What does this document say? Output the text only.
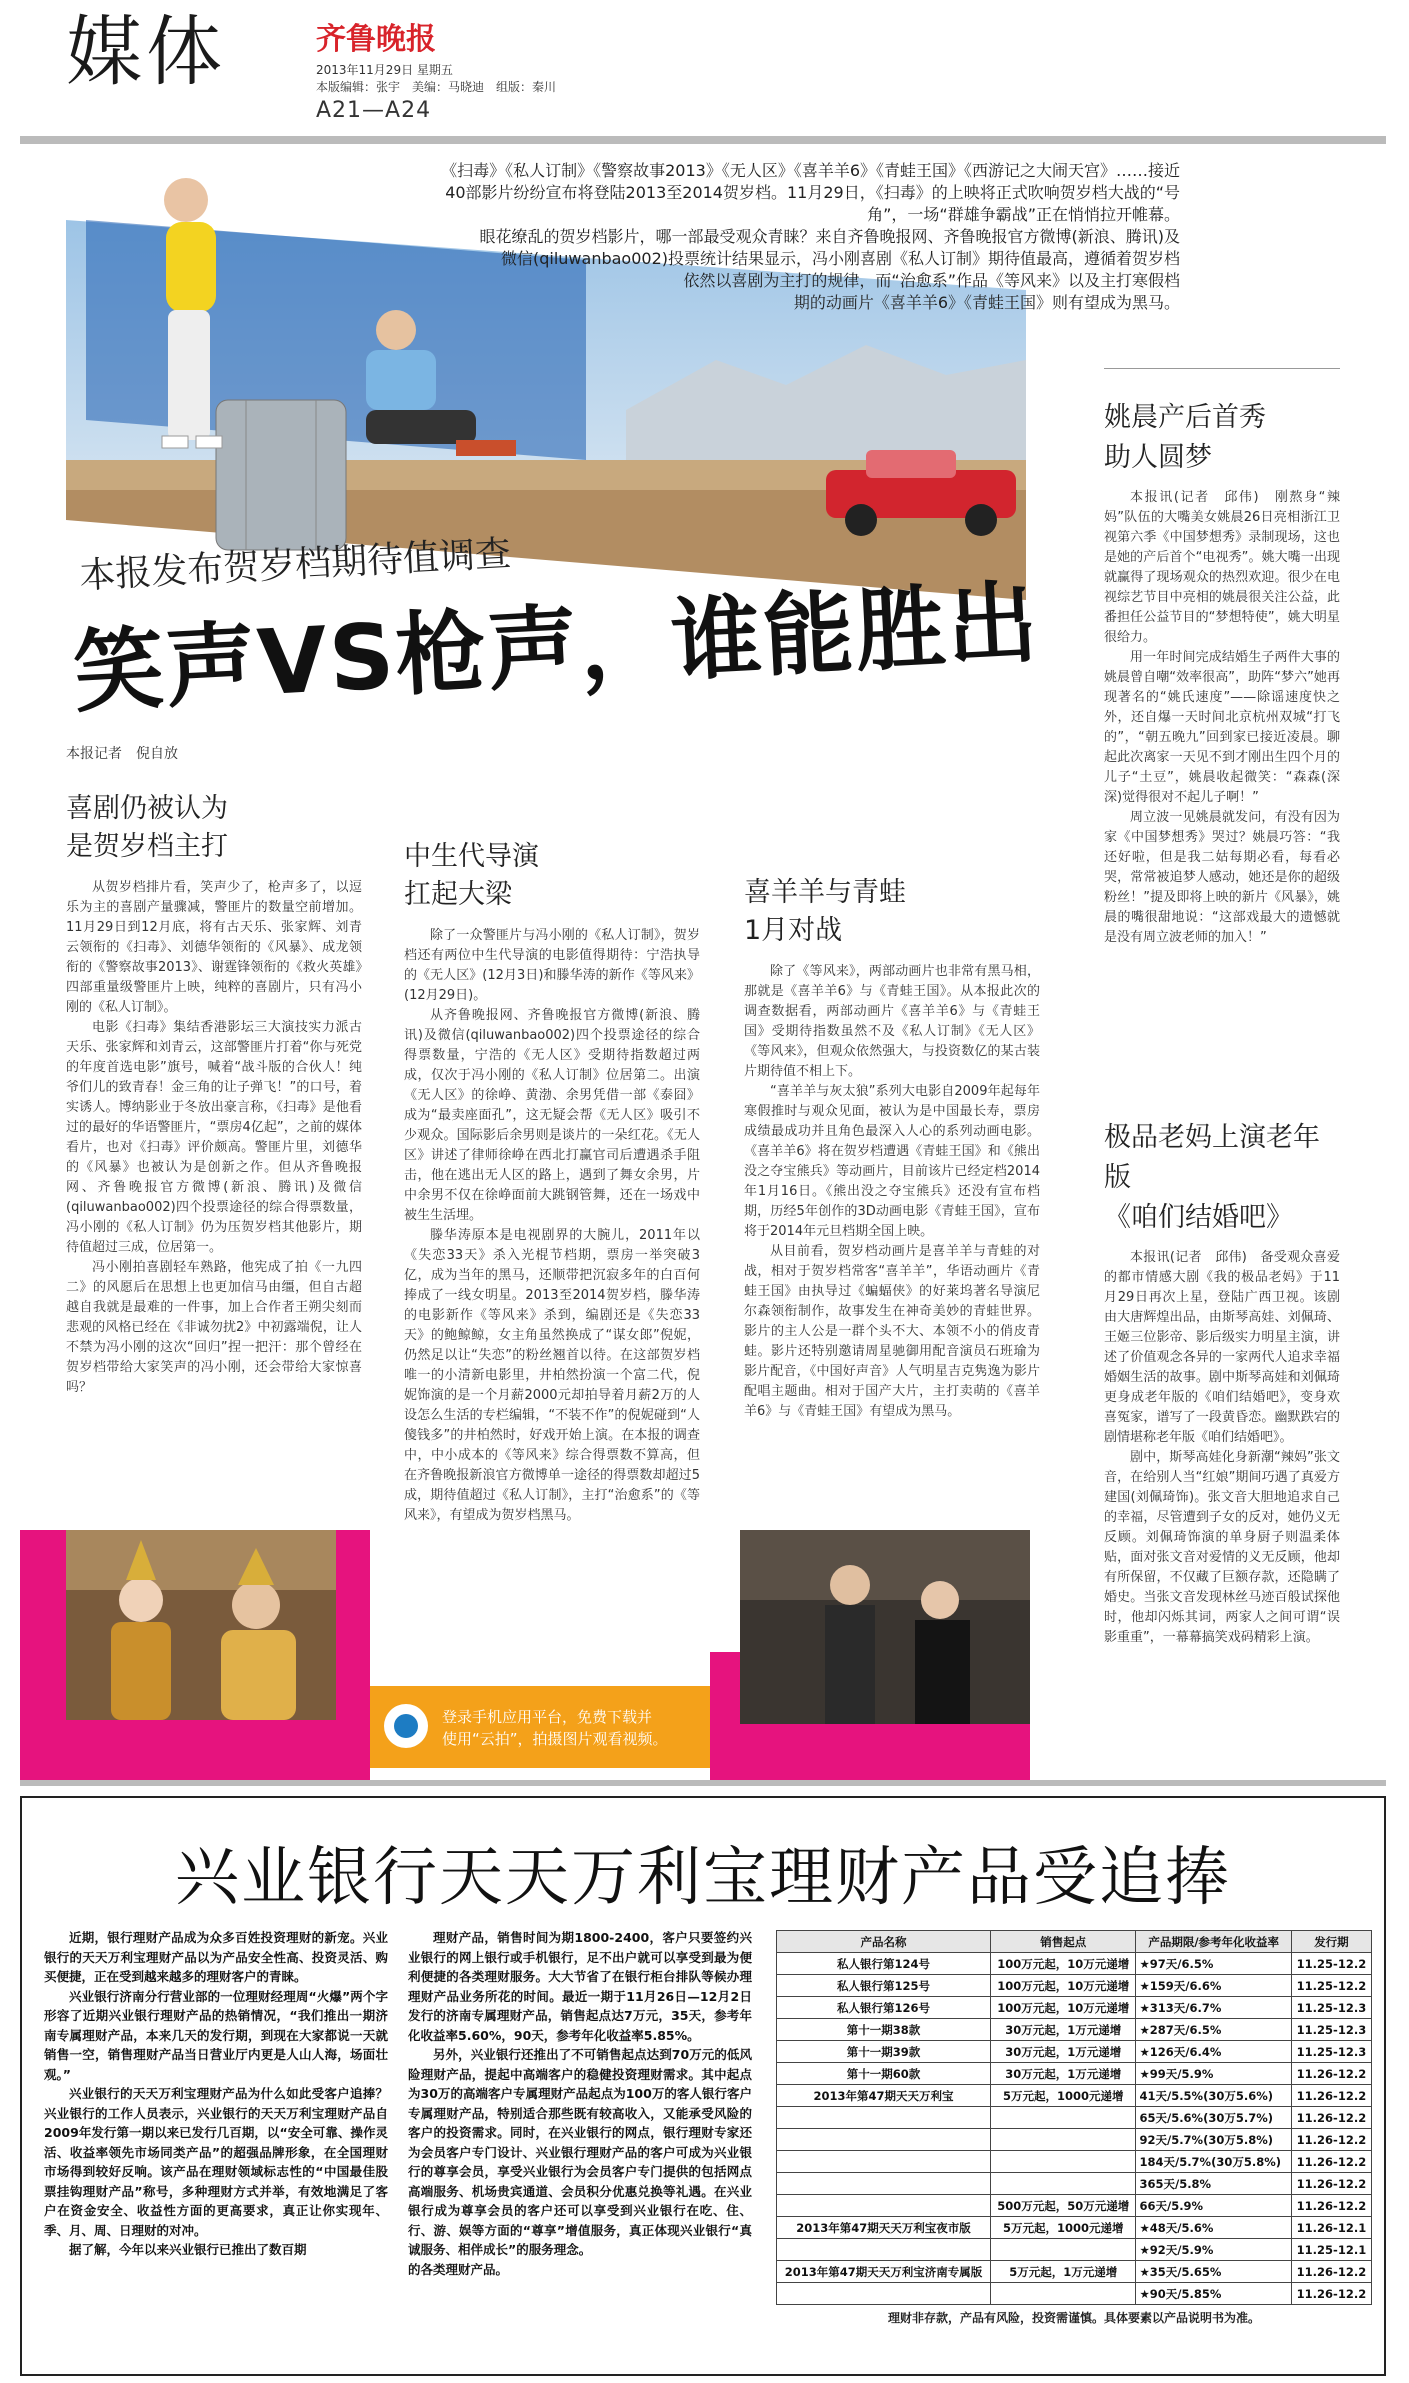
媒体	齐鲁晚报
2013年11月29日 星期五
本版编辑：张宇　美编：马晓迪　组版：秦川
A21—A24
《扫毒》《私人订制》《警察故事2013》《无人区》《喜羊羊6》《青蛙王国》《西游记之大闹天宫》……接近
40部影片纷纷宣布将登陆2013至2014贺岁档。11月29日，《扫毒》的上映将正式吹响贺岁档大战的“号
角”，一场“群雄争霸战”正在悄悄拉开帷幕。
眼花缭乱的贺岁档影片，哪一部最受观众青睐？来自齐鲁晚报网、齐鲁晚报官方微博(新浪、腾讯)及
微信(qiluwanbao002)投票统计结果显示，冯小刚喜剧《私人订制》期待值最高，遵循着贺岁档
依然以喜剧为主打的规律，而“治愈系”作品《等风来》以及主打寒假档
期的动画片《喜羊羊6》《青蛙王国》则有望成为黑马。
本报发布贺岁档期待值调查
笑声VS枪声，谁能胜出
本报记者　倪自放
喜剧仍被认为
是贺岁档主打

从贺岁档排片看，笑声少了，枪声多了，以逗乐为主的喜剧产量骤减，警匪片的数量空前增加。11月29日到12月底，将有古天乐、张家辉、刘青云领衔的《扫毒》、刘德华领衔的《风暴》、成龙领衔的《警察故事2013》、谢霆锋领衔的《救火英雄》四部重量级警匪片上映，纯粹的喜剧片，只有冯小刚的《私人订制》。

电影《扫毒》集结香港影坛三大演技实力派古天乐、张家辉和刘青云，这部警匪片打着“你与死党的年度首选电影”旗号，喊着“战斗版的合伙人！纯爷们儿的致青春！金三角的让子弹飞！”的口号，着实诱人。博纳影业于冬放出豪言称，《扫毒》是他看过的最好的华语警匪片，“票房4亿起”，之前的媒体看片，也对《扫毒》评价颇高。警匪片里，刘德华的《风暴》也被认为是创新之作。但从齐鲁晚报网、齐鲁晚报官方微博(新浪、腾讯)及微信(qiluwanbao002)四个投票途径的综合得票数量，冯小刚的《私人订制》仍为压贺岁档其他影片，期待值超过三成，位居第一。

冯小刚拍喜剧轻车熟路，他宪成了拍《一九四二》的风愿后在思想上也更加信马由缰，但自古超越自我就是最难的一件事，加上合作者王朔尖刻而悲观的风格已经在《非诚勿扰2》中初露端倪，让人不禁为冯小刚的这次“回归”捏一把汗：那个曾经在贺岁档带给大家笑声的冯小刚，还会带给大家惊喜吗？

中生代导演
扛起大梁

除了一众警匪片与冯小刚的《私人订制》，贺岁档还有两位中生代导演的电影值得期待：宁浩执导的《无人区》(12月3日)和滕华涛的新作《等风来》(12月29日)。

从齐鲁晚报网、齐鲁晚报官方微博(新浪、腾讯)及微信(qiluwanbao002)四个投票途径的综合得票数量，宁浩的《无人区》受期待指数超过两成，仅次于冯小刚的《私人订制》位居第二。出演《无人区》的徐峥、黄渤、余男凭借一部《泰囧》成为“最卖座面孔”，这无疑会帮《无人区》吸引不少观众。国际影后余男则是谈片的一朵红花。《无人区》讲述了律师徐峥在西北打赢官司后遭遇杀手阻击，他在逃出无人区的路上，遇到了舞女余男，片中余男不仅在徐峥面前大跳钢管舞，还在一场戏中被生生活埋。

滕华涛原本是电视剧界的大腕儿，2011年以《失恋33天》杀入光棍节档期，票房一举突破3亿，成为当年的黑马，还顺带把沉寂多年的白百何捧成了一线女明星。2013至2014贺岁档，滕华涛的电影新作《等风来》杀到，编剧还是《失恋33天》的鲍鲸鲸，女主角虽然换成了“谋女郎”倪妮，仍然足以让“失恋”的粉丝翘首以待。在这部贺岁档唯一的小清新电影里，井柏然扮演一个富二代，倪妮饰演的是一个月薪2000元却拍导着月薪2万的人设怎么生活的专栏编辑，“不装不作”的倪妮碰到“人傻钱多”的井柏然时，好戏开始上演。在本报的调查中，中小成本的《等风来》综合得票数不算高，但在齐鲁晚报新浪官方微博单一途径的得票数却超过5成，期待值超过《私人订制》，主打“治愈系”的《等风来》，有望成为贺岁档黑马。

喜羊羊与青蛙
1月对战

除了《等风来》，两部动画片也非常有黑马相，那就是《喜羊羊6》与《青蛙王国》。从本报此次的调查数据看，两部动画片《喜羊羊6》与《青蛙王国》受期待指数虽然不及《私人订制》《无人区》《等风来》，但观众依然强大，与投资数亿的某古装片期待值不相上下。

“喜羊羊与灰太狼”系列大电影自2009年起每年寒假推时与观众见面，被认为是中国最长寿，票房成绩最成功并且角色最深入人心的系列动画电影。《喜羊羊6》将在贺岁档遭遇《青蛙王国》和《熊出没之夺宝熊兵》等动画片，目前该片已经定档2014年1月16日。《熊出没之夺宝熊兵》还没有宣布档期，历经5年创作的3D动画电影《青蛙王国》，宣布将于2014年元旦档期全国上映。

从目前看，贺岁档动画片是喜羊羊与青蛙的对战，相对于贺岁档常客“喜羊羊”，华语动画片《青蛙王国》由执导过《蝙蝠侠》的好莱坞著名导演尼尔森领衔制作，故事发生在神奇美妙的青蛙世界。影片的主人公是一群个头不大、本领不小的俏皮青蛙。影片还特别邀请周星驰御用配音演员石班瑜为影片配音，《中国好声音》人气明星吉克隽逸为影片配唱主题曲。相对于国产大片，主打卖萌的《喜羊羊6》与《青蛙王国》有望成为黑马。

登录手机应用平台，免费下载并
使用“云拍”，拍摄图片观看视频。
姚晨产后首秀
助人圆梦

本报讯(记者　邱伟)　刚熬身“辣妈”队伍的大嘴美女姚晨26日亮相浙江卫视第六季《中国梦想秀》录制现场，这也是她的产后首个“电视秀”。姚大嘴一出现就赢得了现场观众的热烈欢迎。很少在电视综艺节目中亮相的姚晨很关注公益，此番担任公益节目的“梦想特使”，姚大明星很给力。

用一年时间完成结婚生子两件大事的姚晨曾自嘲“效率很高”，助阵“梦六”她再现著名的“姚氏速度”——除谣速度快之外，还自爆一天时间北京杭州双城“打飞的”，“朝五晚九”回到家已接近凌晨。聊起此次离家一天见不到才刚出生四个月的儿子“土豆”，姚晨收起微笑：“森森(深深)觉得很对不起儿子啊！”

周立波一见姚晨就发问，有没有因为家《中国梦想秀》哭过？姚晨巧答：“我还好啦，但是我二姑每期必看，每看必哭，常常被追梦人感动，她还是你的超级粉丝！”提及即将上映的新片《风暴》，姚晨的嘴很甜地说：“这部戏最大的遗憾就是没有周立波老师的加入！”

极品老妈上演老年版
《咱们结婚吧》

本报讯(记者　邱伟)　备受观众喜爱的都市情感大剧《我的极品老妈》于11月29日再次上星，登陆广西卫视。该剧由大唐辉煌出品，由斯琴高娃、刘佩琦、王姬三位影帝、影后级实力明星主演，讲述了价值观念各异的一家两代人追求幸福婚姻生活的故事。剧中斯琴高娃和刘佩琦更身成老年版的《咱们结婚吧》，变身欢喜冤家，谱写了一段黄昏恋。幽默跌宕的剧情堪称老年版《咱们结婚吧》。

剧中，斯琴高娃化身新潮“辣妈”张文音，在给别人当“红娘”期间巧遇了真爱方建国(刘佩琦饰)。张文音大胆地追求自己的幸福，尽管遭到子女的反对，她仍义无反顾。刘佩琦饰演的单身厨子则温柔体贴，面对张文音对爱情的义无反顾，他却有所保留，不仅藏了巨额存款，还隐瞒了婚史。当张文音发现林丝马迹百般试探他时，他却闪烁其词，两家人之间可谓“误影重重”，一幕幕搞笑戏码精彩上演。

兴业银行天天万利宝理财产品受追捧

近期，银行理财产品成为众多百姓投资理财的新宠。兴业银行的天天万利宝理财产品以为产品安全性高、投资灵活、购买便捷，正在受到越来越多的理财客户的青睐。

兴业银行济南分行营业部的一位理财经理周“火爆”两个字形容了近期兴业银行理财产品的热销情况，“我们推出一期济南专属理财产品，本来几天的发行期，到现在大家都说一天就销售一空，销售理财产品当日营业厅内更是人山人海，场面壮观。”

兴业银行的天天万利宝理财产品为什么如此受客户追捧？兴业银行的工作人员表示，兴业银行的天天万利宝理财产品自2009年发行第一期以来已发行几百期，以“安全可靠、操作灵活、收益率领先市场同类产品”的超强品牌形象，在全国理财市场得到较好反响。该产品在理财领域标志性的“中国最佳股票挂钩理财产品”称号，多种理财方式并举，有效地满足了客户在资金安全、收益性方面的更高要求，真正让你实现年、季、月、周、日理财的对冲。

据了解，今年以来兴业银行已推出了数百期

理财产品，销售时间为期1800-2400，客户只要签约兴业银行的网上银行或手机银行，足不出户就可以享受到最为便利便捷的各类理财服务。大大节省了在银行柜台排队等候办理理财产品业务所花的时间。最近一期于11月26日—12月2日发行的济南专属理财产品，销售起点达7万元，35天，参考年化收益率5.60%，90天，参考年化收益率5.85%。

另外，兴业银行还推出了不可销售起点达到70万元的低风险理财产品，提起中高端客户的稳健投资理财需求。其中起点为30万的高端客户专属理财产品起点为100万的客人银行客户专属理财产品，特别适合那些既有较高收入，又能承受风险的客户的投资需求。同时，在兴业银行的网点，银行理财专家还为会员客户专门设计、兴业银行理财产品的客户可成为兴业银行的尊享会员，享受兴业银行为会员客户专门提供的包括网点高端服务、机场贵宾通道、会员积分优惠兑换等礼遇。在兴业银行成为尊享会员的客户还可以享受到兴业银行在吃、住、行、游、娱等方面的“尊享”增值服务，真正体现兴业银行“真诚服务、相伴成长”的服务理念。

的各类理财产品。

产品名称	销售起点	产品期限/参考年化收益率	发行期
私人银行第124号	100万元起，10万元递增	★97天/6.5%	11.25-12.2
私人银行第125号	100万元起，10万元递增	★159天/6.6%	11.25-12.2
私人银行第126号	100万元起，10万元递增	★313天/6.7%	11.25-12.3
第十一期38款	30万元起，1万元递增	★287天/6.5%	11.25-12.3
第十一期39款	30万元起，1万元递增	★126天/6.4%	11.25-12.3
第十一期60款	30万元起，1万元递增	★99天/5.9%	11.26-12.2
2013年第47期天天万利宝	5万元起，1000元递增	41天/5.5%(30万5.6%)	11.26-12.2
		65天/5.6%(30万5.7%)	11.26-12.2
		92天/5.7%(30万5.8%)	11.26-12.2
		184天/5.7%(30万5.8%)	11.26-12.2
		365天/5.8%	11.26-12.2
	500万元起，50万元递增	66天/5.9%	11.26-12.2
2013年第47期天天万利宝夜市版	5万元起，1000元递增	★48天/5.6%	11.26-12.1
		★92天/5.9%	11.25-12.1
2013年第47期天天万利宝济南专属版	5万元起，1万元递增	★35天/5.65%	11.26-12.2
		★90天/5.85%	11.26-12.2
理财非存款，产品有风险，投资需谨慎。具体要素以产品说明书为准。
